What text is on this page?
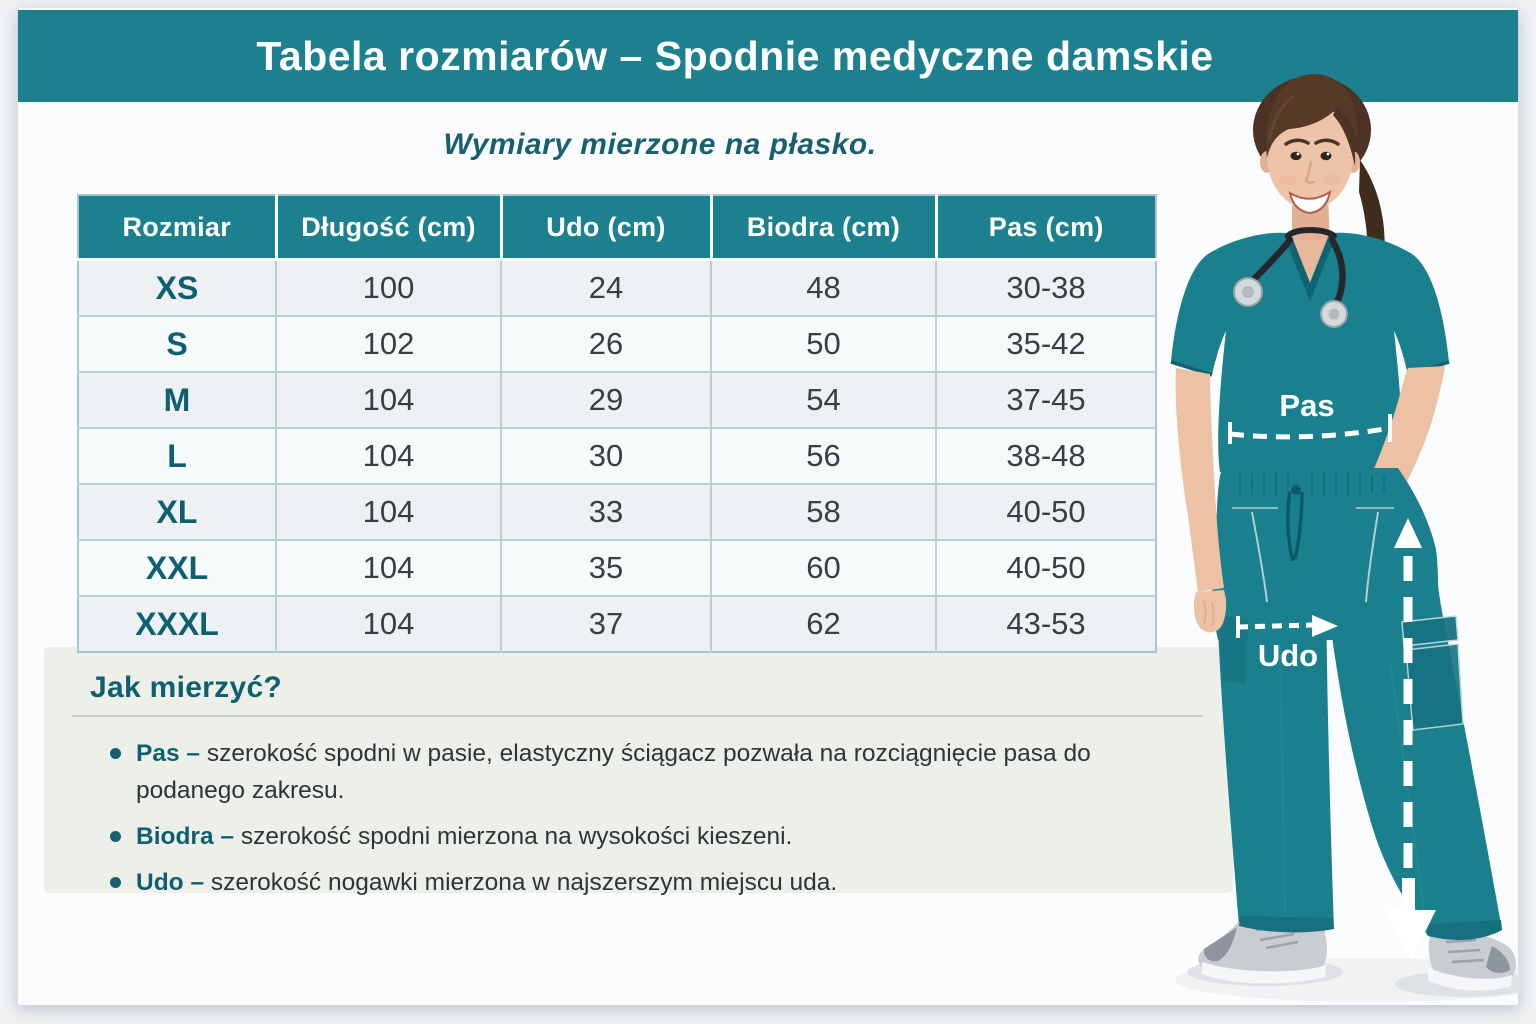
Tabela rozmiarów – Spodnie medyczne damskie
Wymiary mierzone na płasko.
Rozmiar	Długość (cm)	Udo (cm)	Biodra (cm)	Pas (cm)
XS	100	24	48	30-38
S	102	26	50	35-42
M	104	29	54	37-45
L	104	30	56	38-48
XL	104	33	58	40-50
XXL	104	35	60	40-50
XXXL	104	37	62	43-53
Jak mierzyć?
Pas – szerokość spodni w pasie, elastyczny ściągacz pozwała na rozciągnięcie pasa do podanego zakresu.
Biodra – szerokość spodni mierzona na wysokości kieszeni.
Udo – szerokość nogawki mierzona w najszerszym miejscu uda.
Pas
Udo
